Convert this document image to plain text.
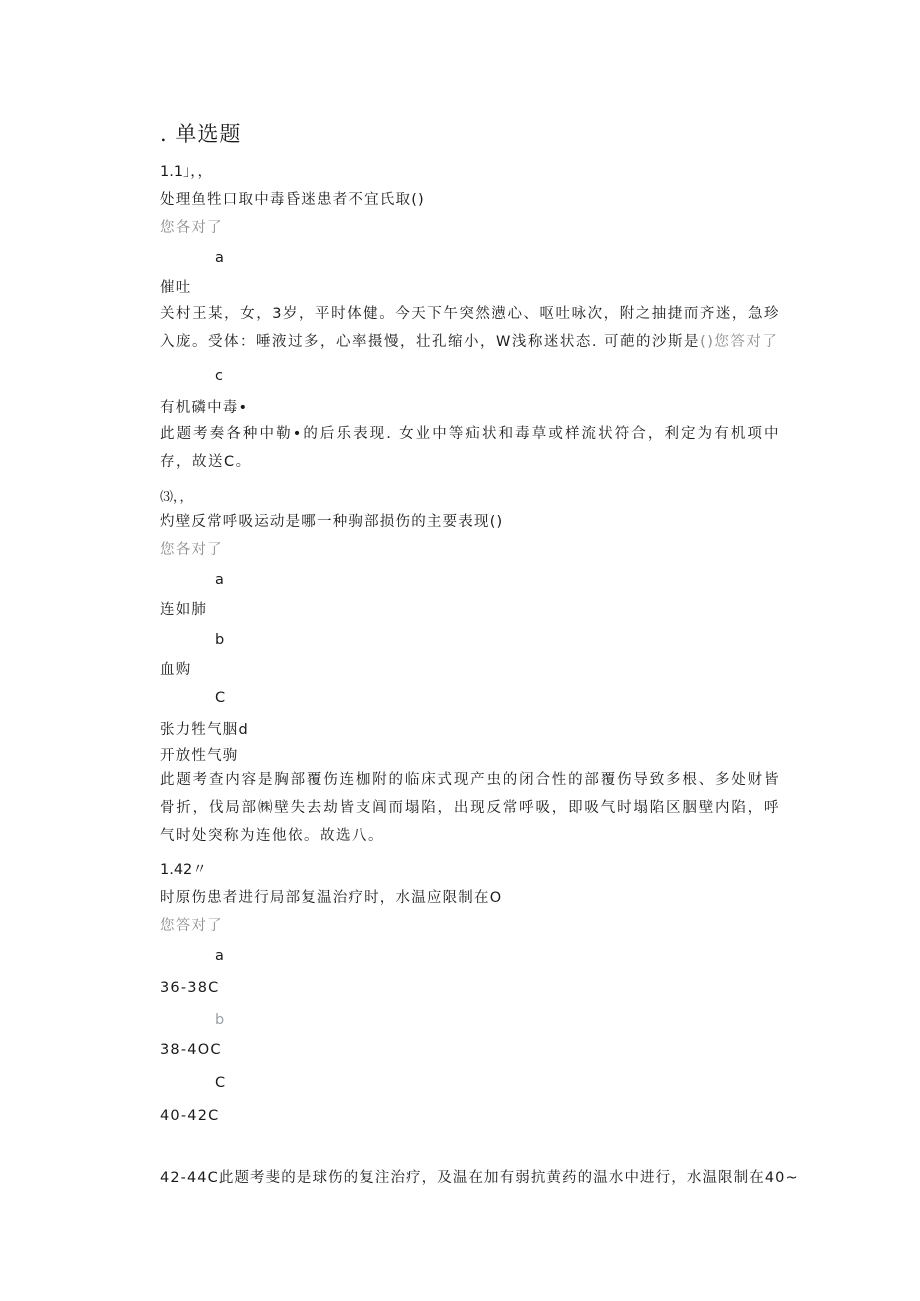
. 单选题
1.1」，，
处理鱼牲口取中毒昏迷患者不宜氏取()
您各对了
a
催吐
关村王某，女，3岁，平时体健。今天下午突然懑心、呕吐咏次，附之抽捷而齐迷，急珍入庞。受体：唾液过多，心率摄慢，壮孔缩小，W浅称迷状态. 可葩的沙斯是()您答对了
c
有机磷中毒•
此题考奏各种中勒•的后乐表现. 女业中等疝状和毒草或样流状符合，利定为有机项中存，故送C。
⑶，，
灼壁反常呼吸运动是哪一种驹部损伤的主要表现()
您各对了
a
连如肺
b
血购
C
张力牲气胭d
开放性气驹
此题考查内容是胸部覆伤连枷附的临床式现产虫的闭合性的部覆伤导致多根、多处财皆骨折，伐局部㈱壁失去劫皆支阊而塌陷，出现反常呼吸，即吸气时塌陷区胭壁内陷，呼气时处突称为连他依。故选八。
1.42〃
时原伤患者进行局部复温治疗时，水温应限制在O
您答对了
a
36-38C
b
38-4OC
C
40-42C
42-44C此题考斐的是球伤的复注治疗，及温在加有弱抗黄药的温水中进行，水温限制在40~
